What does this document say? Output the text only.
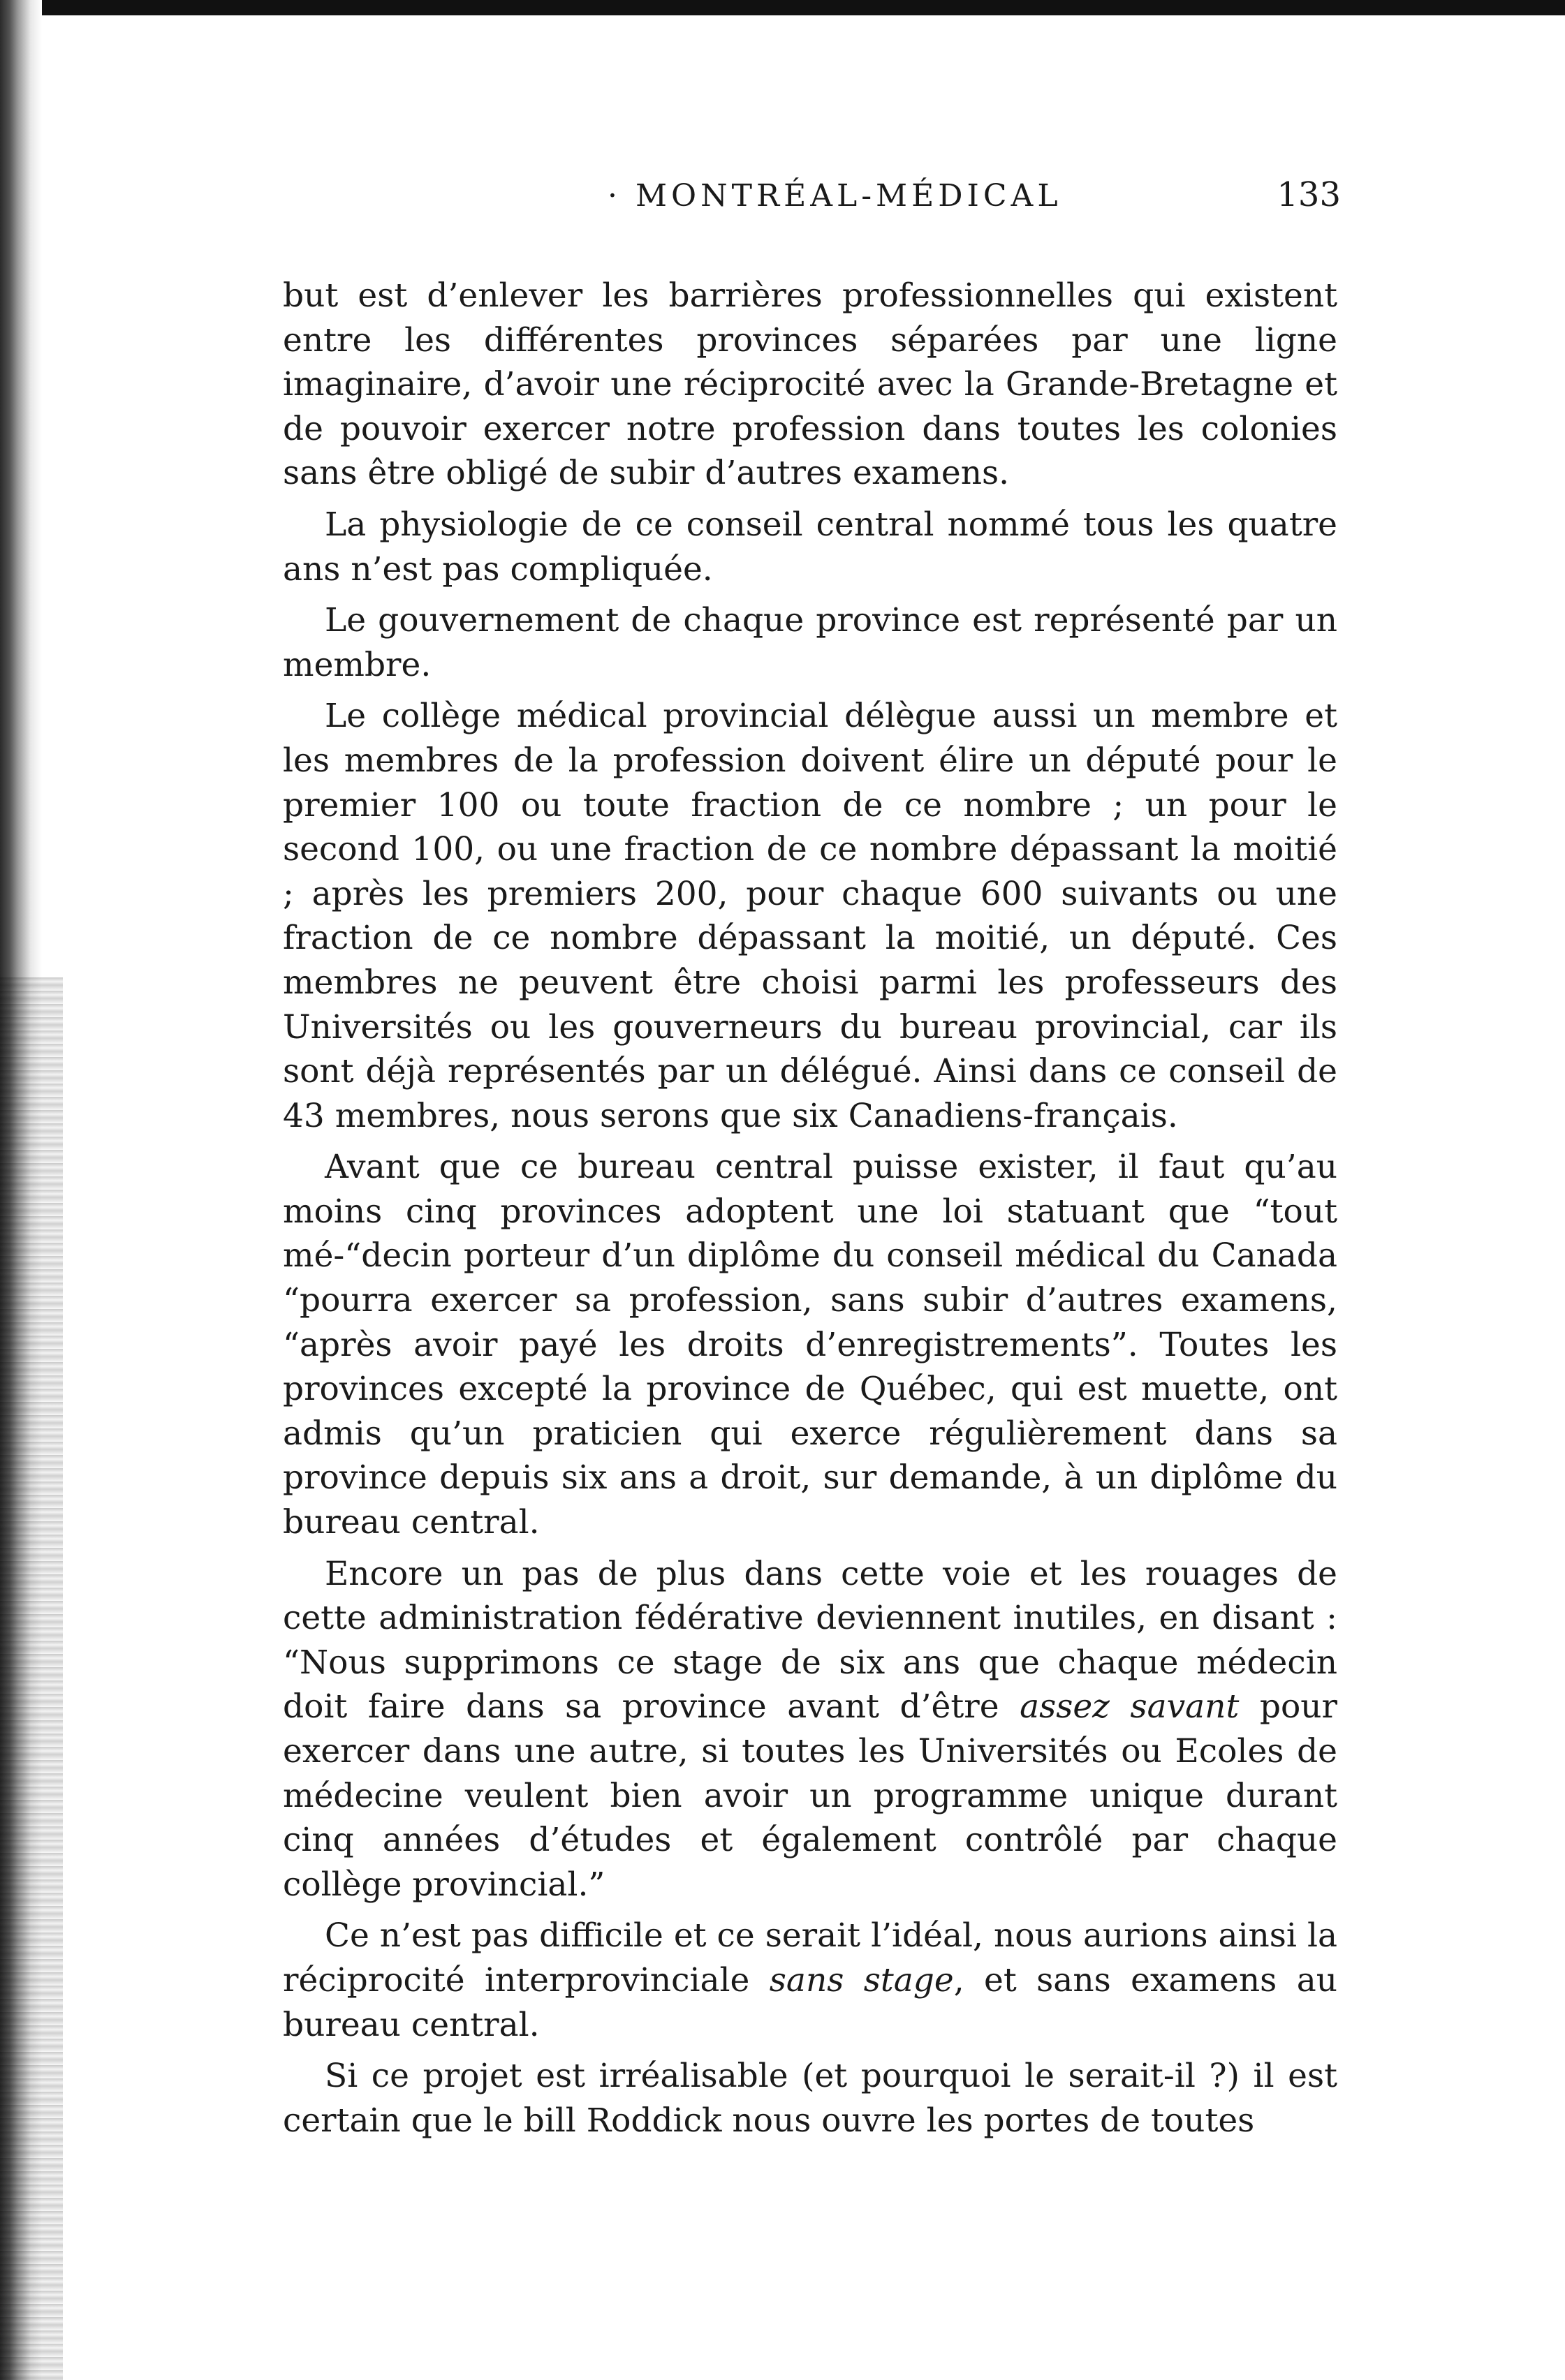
· MONTRÉAL-MÉDICAL	133

but est d’enlever les barrières professionnelles qui existent entre les différentes provinces séparées par une ligne imaginaire, d’avoir une réciprocité avec la Grande-Bretagne et de pouvoir exercer notre profession dans toutes les colonies sans être obligé de subir d’autres examens.

La physiologie de ce conseil central nommé tous les quatre ans n’est pas compliquée.

Le gouvernement de chaque province est représenté par un membre.

Le collège médical provincial délègue aussi un membre et les membres de la profession doivent élire un député pour le premier 100 ou toute fraction de ce nombre ; un pour le second 100, ou une fraction de ce nombre dépassant la moitié ; après les premiers 200, pour chaque 600 suivants ou une fraction de ce nombre dépassant la moitié, un député. Ces membres ne peuvent être choisi parmi les professeurs des Universités ou les gouverneurs du bureau provincial, car ils sont déjà représentés par un délégué. Ainsi dans ce conseil de 43 membres, nous serons que six Canadiens-français.

Avant que ce bureau central puisse exister, il faut qu’au moins cinq provinces adoptent une loi statuant que “tout mé-“decin porteur d’un diplôme du conseil médical du Canada “pourra exercer sa profession, sans subir d’autres examens, “après avoir payé les droits d’enregistrements”. Toutes les provinces excepté la province de Québec, qui est muette, ont admis qu’un praticien qui exerce régulièrement dans sa province depuis six ans a droit, sur demande, à un diplôme du bureau central.

Encore un pas de plus dans cette voie et les rouages de cette administration fédérative deviennent inutiles, en disant : “Nous supprimons ce stage de six ans que chaque médecin doit faire dans sa province avant d’être assez savant pour exercer dans une autre, si toutes les Universités ou Ecoles de médecine veulent bien avoir un programme unique durant cinq années d’études et également contrôlé par chaque collège provincial.”

Ce n’est pas difficile et ce serait l’idéal, nous aurions ainsi la réciprocité interprovinciale sans stage, et sans examens au bureau central.

Si ce projet est irréalisable (et pourquoi le serait-il ?) il est certain que le bill Roddick nous ouvre les portes de toutes
